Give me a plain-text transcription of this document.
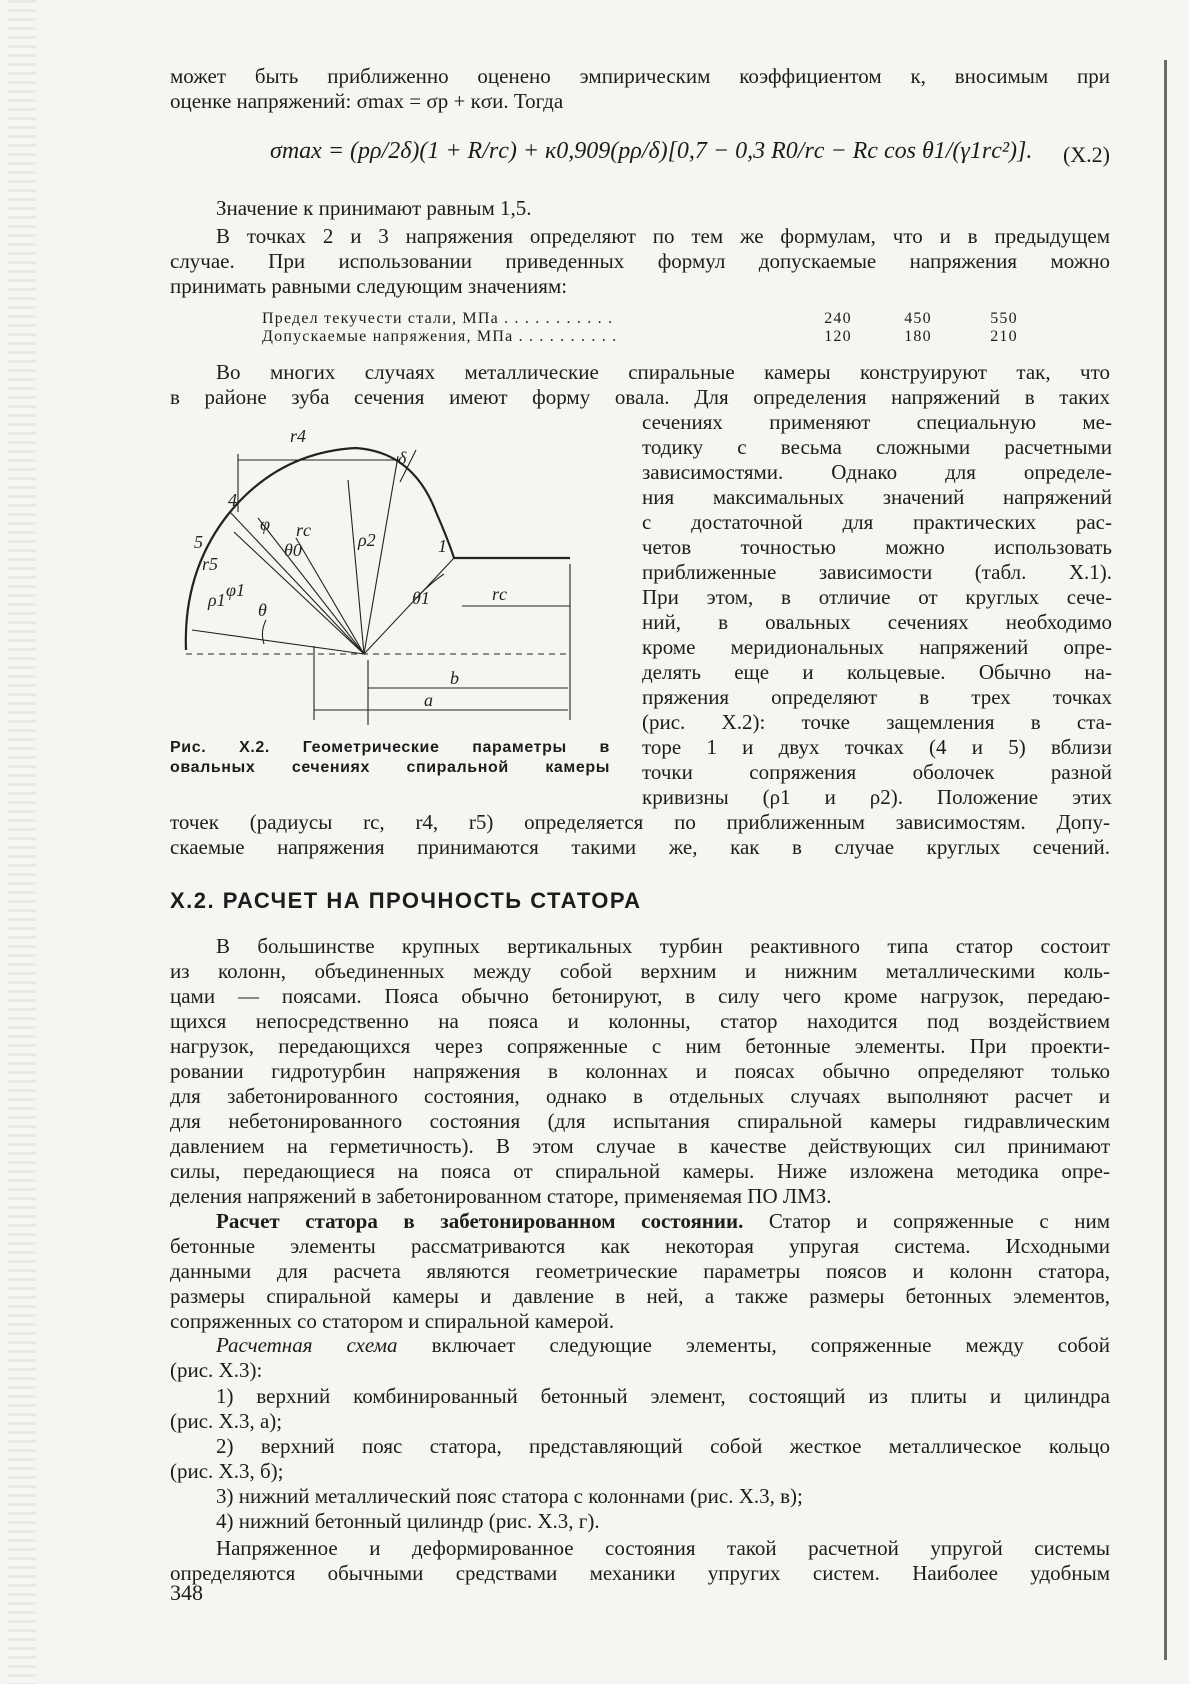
может быть приближенно оценено эмпирическим коэффициентом к, вносимым при
оценке напряжений: σmax = σр + кσи. Тогда
σmax = (pρ/2δ)(1 + R/rс) + к0,909(pρ/δ)[0,7 − 0,3 R0/rс − Rс cos θ1/(γ1rс²)]. (X.2)
Значение к принимают равным 1,5.
В точках 2 и 3 напряжения определяют по тем же формулам, что и в предыдущем
случае. При использовании приведенных формул допускаемые напряжения можно
принимать равными следующим значениям:
Предел текучести стали, МПа . . . . . . . . . . .	240	450	550
Допускаемые напряжения, МПа . . . . . . . . . .	120	180	210
Во многих случаях металлические спиральные камеры конструируют так, что
в районе зуба сечения имеют форму овала. Для определения напряжений в таких
r4
4
5
φ rс
θ0
δ
ρ2	1
r5
φ1
θ
θ1	rс
ρ1
b
a
Рис. X.2. Геометрические параметры в
овальных сечениях спиральной камеры
сечениях применяют специальную ме-
тодику с весьма сложными расчетными
зависимостями. Однако для определе-
ния максимальных значений напряжений
с достаточной для практических рас-
четов точностью можно использовать
приближенные зависимости (табл. X.1).
При этом, в отличие от круглых сече-
ний, в овальных сечениях необходимо
кроме меридиональных напряжений опре-
делять еще и кольцевые. Обычно на-
пряжения определяют в трех точках
(рис. X.2): точке защемления в ста-
торе 1 и двух точках (4 и 5) вблизи
точки сопряжения оболочек разной
кривизны (ρ1 и ρ2). Положение этих
точек (радиусы rс, r4, r5) определяется по приближенным зависимостям. Допу-
скаемые напряжения принимаются такими же, как в случае круглых сечений.
X.2. РАСЧЕТ НА ПРОЧНОСТЬ СТАТОРА
В большинстве крупных вертикальных турбин реактивного типа статор состоит
из колонн, объединенных между собой верхним и нижним металлическими коль-
цами — поясами. Пояса обычно бетонируют, в силу чего кроме нагрузок, передаю-
щихся непосредственно на пояса и колонны, статор находится под воздействием
нагрузок, передающихся через сопряженные с ним бетонные элементы. При проекти-
ровании гидротурбин напряжения в колоннах и поясах обычно определяют только
для забетонированного состояния, однако в отдельных случаях выполняют расчет и
для небетонированного состояния (для испытания спиральной камеры гидравлическим
давлением на герметичность). В этом случае в качестве действующих сил принимают
силы, передающиеся на пояса от спиральной камеры. Ниже изложена методика опре-
деления напряжений в забетонированном статоре, применяемая ПО ЛМЗ.
Расчет статора в забетонированном состоянии. Статор и сопряженные с ним
бетонные элементы рассматриваются как некоторая упругая система. Исходными
данными для расчета являются геометрические параметры поясов и колонн статора,
размеры спиральной камеры и давление в ней, а также размеры бетонных элементов,
сопряженных со статором и спиральной камерой.
Расчетная схема включает следующие элементы, сопряженные между собой
(рис. X.3):
1) верхний комбинированный бетонный элемент, состоящий из плиты и цилиндра
(рис. X.3, а);
2) верхний пояс статора, представляющий собой жесткое металлическое кольцо
(рис. X.3, б);
3) нижний металлический пояс статора с колоннами (рис. X.3, в);
4) нижний бетонный цилиндр (рис. X.3, г).
Напряженное и деформированное состояния такой расчетной упругой системы
определяются обычными средствами механики упругих систем. Наиболее удобным
348
